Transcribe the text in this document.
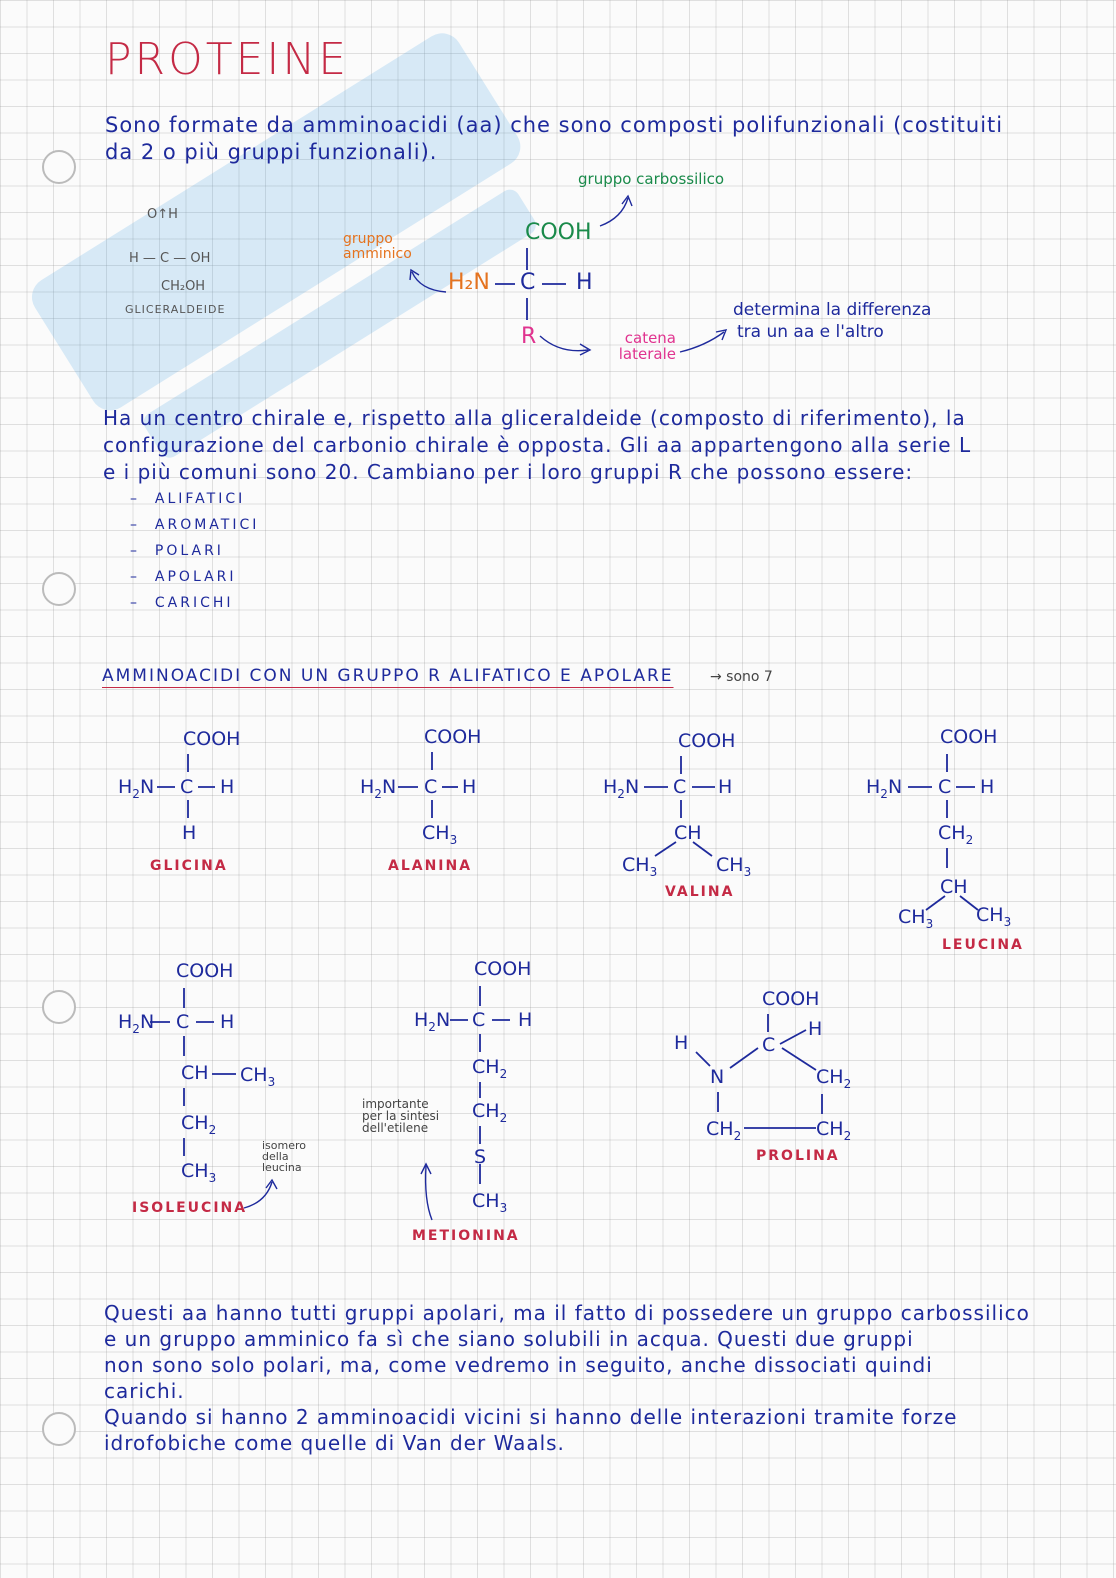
PROTEINE
Sono formate da amminoacidi (aa) che sono composti polifunzionali (costituiti
da 2 o più gruppi funzionali).
O↑H
H — C — OH
CH₂OH
GLICERALDEIDE
gruppo carbossilico
gruppo amminico
COOH
H₂N C H
R	catena laterale
determina la differenza
tra un aa e l'altro
Ha un centro chirale e, rispetto alla gliceraldeide (composto di riferimento), la
configurazione del carbonio chirale è opposta. Gli aa appartengono alla serie L
e i più comuni sono 20. Cambiano per i loro gruppi R che possono essere:
–  ALIFATICI
–  AROMATICI
–  POLARI
–  APOLARI
–  CARICHI
AMMINOACIDI CON UN GRUPPO R ALIFATICO E APOLARE	→ sono 7
COOH
$H_2N$ C H
H
GLICINA
COOH
$H_2N$ C H
$CH_3$
ALANINA
COOH
$H_2N$ C H
CH
$CH_3$	$CH_3$
VALINA
COOH
$H_2N$ C H
$CH_2$
CH
$CH_3$ $CH_3$
LEUCINA
COOH
$H_2N$ C H
CH $CH_3$
$CH_2$
$CH_3$
ISOLEUCINA
isomero della leucina
COOH
$H_2N$ C H
$CH_2$
$CH_2$
S
$CH_3$
METIONINA
importante per la sintesi dell'etilene
COOH
C
H
H
N	$CH_2$
$CH_2$	$CH_2$
PROLINA
Questi aa hanno tutti gruppi apolari, ma il fatto di possedere un gruppo carbossilico
e un gruppo amminico fa sì che siano solubili in acqua. Questi due gruppi
non sono solo polari, ma, come vedremo in seguito, anche dissociati quindi
carichi.
Quando si hanno 2 amminoacidi vicini si hanno delle interazioni tramite forze
idrofobiche come quelle di Van der Waals.
